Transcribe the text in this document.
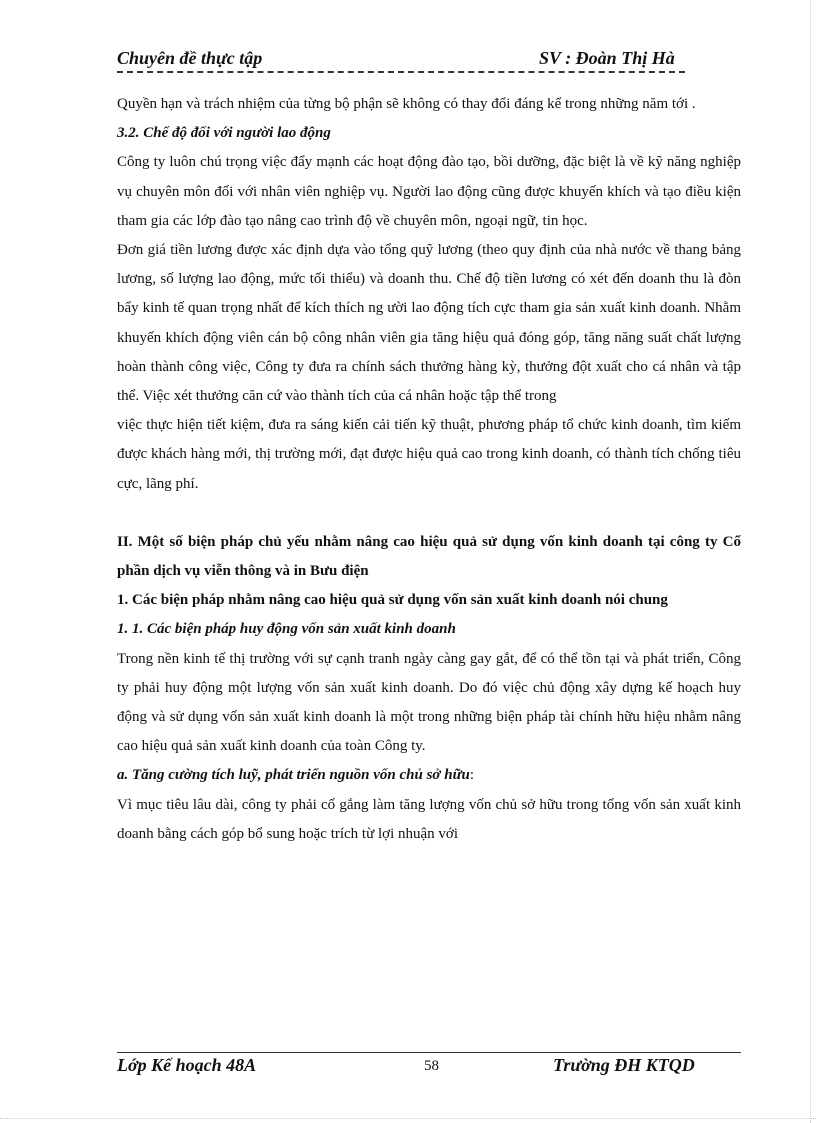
Chuyên đề thực tập	SV : Đoàn Thị Hà

Quyền hạn và trách nhiệm của từng bộ phận sẽ không có thay đổi đáng kể trong những năm tới .

3.2. Chế độ đối với người lao động

Công ty luôn chú trọng việc đẩy mạnh các hoạt động đào tạo, bồi dưỡng, đặc biệt là về kỹ năng nghiệp vụ chuyên môn đối với nhân viên nghiệp vụ. Người lao động cũng được khuyến khích và tạo điều kiện tham gia các lớp đào tạo nâng cao trình độ về chuyên môn, ngoại ngữ, tin học.

Đơn giá tiền lương được xác định dựa vào tổng quỹ lương (theo quy định của nhà nước về thang bảng lương, số lượng lao động, mức tối thiểu) và doanh thu. Chế độ tiền lương có xét đến doanh thu là đòn bẩy kinh tế quan trọng nhất để kích thích ng ười lao động tích cực tham gia sản xuất kinh doanh. Nhằm khuyến khích động viên cán bộ công nhân viên gia tăng hiệu quả đóng góp, tăng năng suất chất lượng hoàn thành công việc, Công ty đưa ra chính sách thưởng hàng kỳ, thưởng đột xuất cho cá nhân và tập thể. Việc xét thưởng căn cứ vào thành tích của cá nhân hoặc tập thể trong

việc thực hiện tiết kiệm, đưa ra sáng kiến cải tiến kỹ thuật, phương pháp tổ chức kinh doanh, tìm kiếm được khách hàng mới, thị trường mới, đạt được hiệu quả cao trong kinh doanh, có thành tích chống tiêu cực, lãng phí.

II. Một số biện pháp chủ yếu nhằm nâng cao hiệu quả sử dụng vốn kinh doanh tại công ty Cổ phần dịch vụ viễn thông và in Bưu điện

1. Các biện pháp nhằm nâng cao hiệu quả sử dụng vốn sản xuất kinh doanh nói chung

1. 1. Các biện pháp huy động vốn sản xuất kinh doanh

Trong nền kinh tế thị trường với sự cạnh tranh ngày càng gay gắt, để có thể tồn tại và phát triển, Công ty phải huy động một lượng vốn sản xuất kinh doanh. Do đó việc chủ động xây dựng kế hoạch huy động và sử dụng vốn sản xuất kinh doanh là một trong những biện pháp tài chính hữu hiệu nhằm nâng cao hiệu quả sản xuất kinh doanh của toàn Công ty.

a. Tăng cường tích luỹ, phát triển nguồn vốn chủ sở hữu:

Vì mục tiêu lâu dài, công ty phải cố gắng làm tăng lượng vốn chủ sở hữu trong tổng vốn sản xuất kinh doanh bằng cách góp bổ sung hoặc trích từ lợi nhuận với

Lớp Kế hoạch 48A	58	Trường ĐH KTQD
